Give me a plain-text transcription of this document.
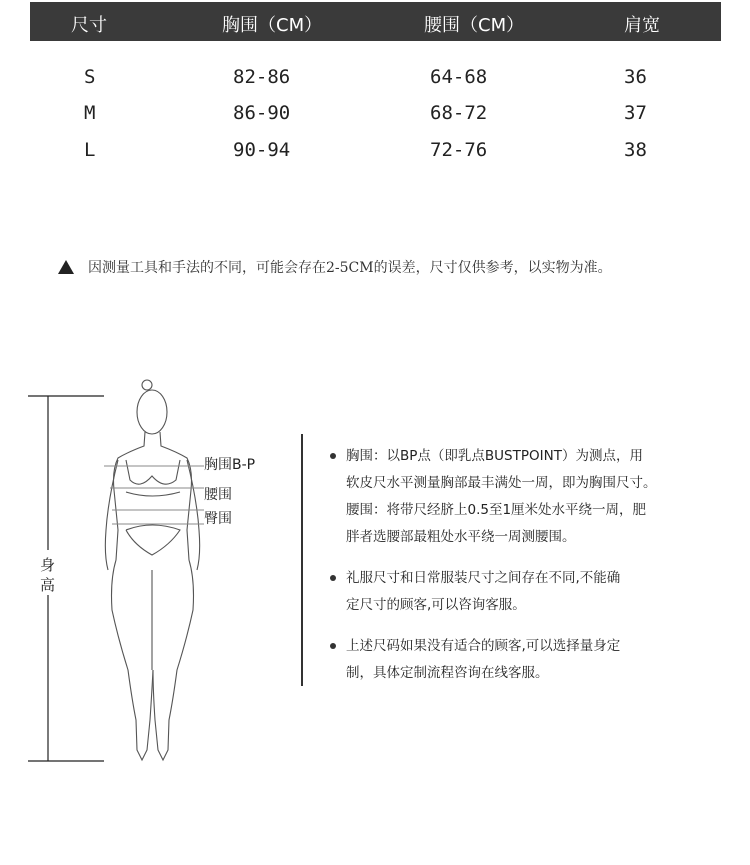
尺寸	胸围（CM）	腰围（CM）	肩宽
S	82-86	64-68	36
M	86-90	68-72	37
L	90-94	72-76	38
因测量工具和手法的不同，可能会存在2-5CM的误差，尺寸仅供参考，以实物为准。
胸围B-P
腰围
臀围
身
高

胸围：以BP点（即乳点BUSTPOINT）为测点，用

软皮尺水平测量胸部最丰满处一周，即为胸围尺寸。

腰围：将带尺经脐上0.5至1厘米处水平绕一周，肥

胖者选腰部最粗处水平绕一周测腰围。

礼服尺寸和日常服装尺寸之间存在不同,不能确

定尺寸的顾客,可以咨询客服。

上述尺码如果没有适合的顾客,可以选择量身定

制，具体定制流程咨询在线客服。
